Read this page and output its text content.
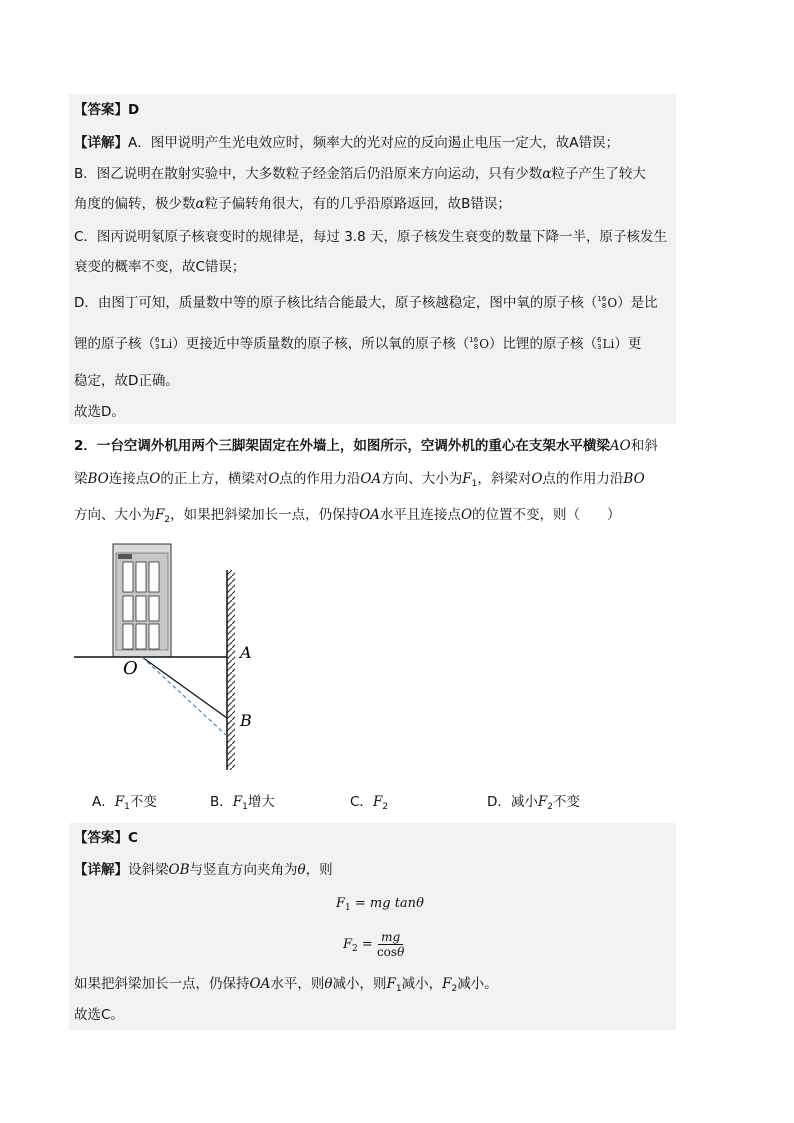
【答案】D
【详解】A．图甲说明产生光电效应时，频率大的光对应的反向遏止电压一定大，故A错误；
B．图乙说明在散射实验中，大多数粒子经金箔后仍沿原来方向运动，只有少数α粒子产生了较大
角度的偏转，极少数α粒子偏转角很大，有的几乎沿原路返回，故B错误；
C．图丙说明氡原子核衰变时的规律是，每过 3.8 天，原子核发生衰变的数量下降一半，原子核发生
衰变的概率不变，故C错误；
D．由图丁可知，质量数中等的原子核比结合能最大，原子核越稳定，图中氧的原子核（ 16
8 O）是比
锂的原子核（ 6
3 Li）更接近中等质量数的原子核，所以氧的原子核（ 16
8 O）比锂的原子核（ 6
3 Li）更
稳定，故D正确。
故选D。
2．一台空调外机用两个三脚架固定在外墙上，如图所示，空调外机的重心在支架水平横梁AO和斜
梁BO连接点O的正上方，横梁对O点的作用力沿OA方向、大小为$F_1$，斜梁对O点的作用力沿BO
方向、大小为$F_2$，如果把斜梁加长一点，仍保持OA水平且连接点O的位置不变，则（　　）
O
A
B
A．$F_1$不变	B．$F_1$增大	C．$F_2$	D．减小$F_2$不变
【答案】C
【详解】设斜梁OB与竖直方向夹角为θ，则
$F_1$ = mg tanθ
$F_2 = \frac{mg}{\cos\theta}$
如果把斜梁加长一点，仍保持OA水平，则θ减小，则$F_1$减小，$F_2$减小。
故选C。
